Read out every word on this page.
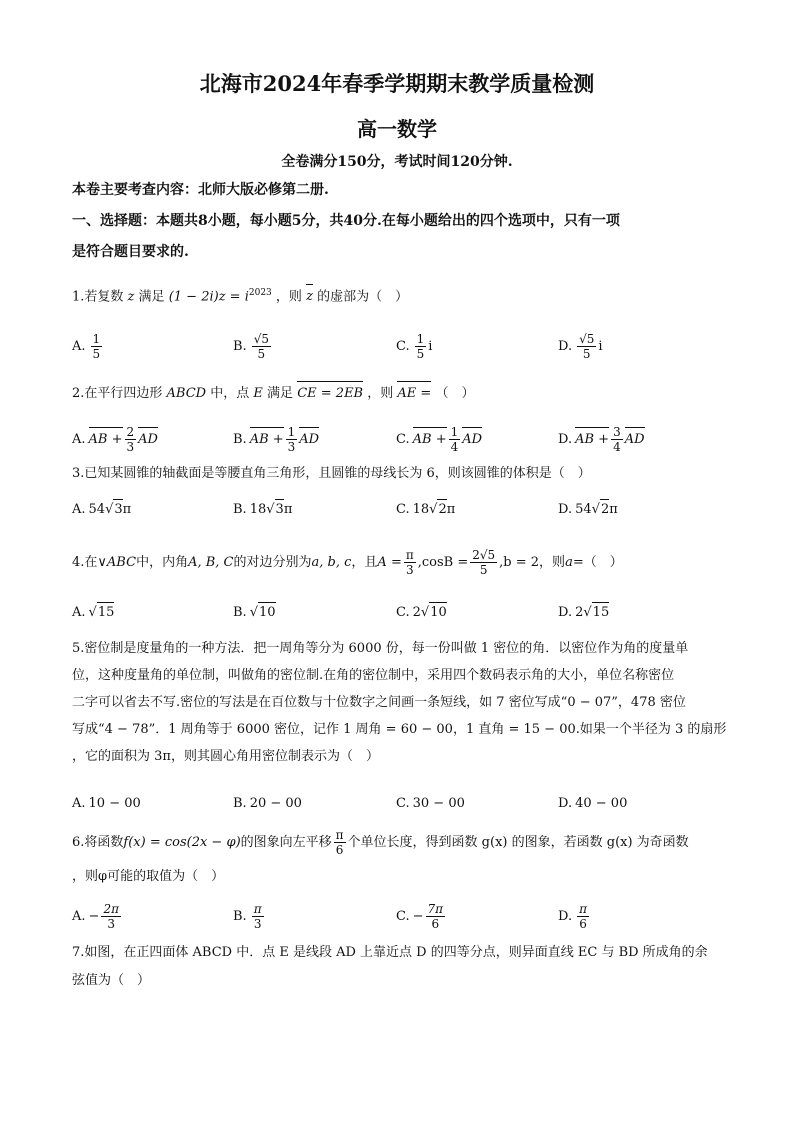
北海市2024年春季学期期末教学质量检测
高一数学
全卷满分150分，考试时间120分钟.
本卷主要考查内容：北师大版必修第二册.
一、选择题：本题共8小题，每小题5分，共40分.在每小题给出的四个选项中，只有一项
是符合题目要求的.
1.若复数 z 满足 $(1 - 2i)z = i^{2023}$ ，则 z 的虚部为（　）
A. $\frac{1}{5}$	B. $\frac{√5}{5}$	C. $\frac{1}{5}$ i	D. $\frac{√5}{5}$ i
2.在平行四边形 ABCD 中，点 E 满足 CE = 2EB ，则 AE = （　）
A. AB + $\frac{2}{3}$ AD	B. AB + $\frac{1}{3}$ AD	C. AB + $\frac{1}{4}$ AD	D. AB + $\frac{3}{4}$ AD
3.已知某圆锥的轴截面是等腰直角三角形，且圆锥的母线长为 6，则该圆锥的体积是（　）
A. 54 √ 3 π	B. 18 √ 3 π	C. 18 √ 2 π	D. 54 √ 2 π
4.在 ∨ABC 中，内角 A, B, C 的对边分别为 a, b, c ，且 $A = \frac{\pi}{3} ,\cos B = \frac{2√5}{5} ,b = 2$ ，则 a =（　）
A. √ 15	B. √ 10	C. 2 √ 10	D. 2 √ 15
5.密位制是度量角的一种方法．把一周角等分为 6000 份，每一份叫做 1 密位的角．以密位作为角的度量单
位，这种度量角的单位制，叫做角的密位制.在角的密位制中，采用四个数码表示角的大小，单位名称密位
二字可以省去不写.密位的写法是在百位数与十位数字之间画一条短线，如 7 密位写成“0 − 07”，478 密位
写成“4 − 78”．1 周角等于 6000 密位，记作 1 周角 = 60 − 00，1 直角 = 15 − 00.如果一个半径为 3 的扇形
，它的面积为 3π，则其圆心角用密位制表示为（　）
A. 10 − 00	B. 20 − 00	C. 30 − 00	D. 40 − 00
6.将函数 f(x) = cos(2x − φ) 的图象向左平移 $\frac{\pi}{6}$ 个单位长度，得到函数 g(x) 的图象，若函数 g(x) 为奇函数
，则φ可能的取值为（　）
A. − $\frac{2\pi}{3}$	B. $\frac{\pi}{3}$	C. − $\frac{7\pi}{6}$	D. $\frac{\pi}{6}$
7.如图，在正四面体 ABCD 中．点 E 是线段 AD 上靠近点 D 的四等分点，则异面直线 EC 与 BD 所成角的余
弦值为（　）
